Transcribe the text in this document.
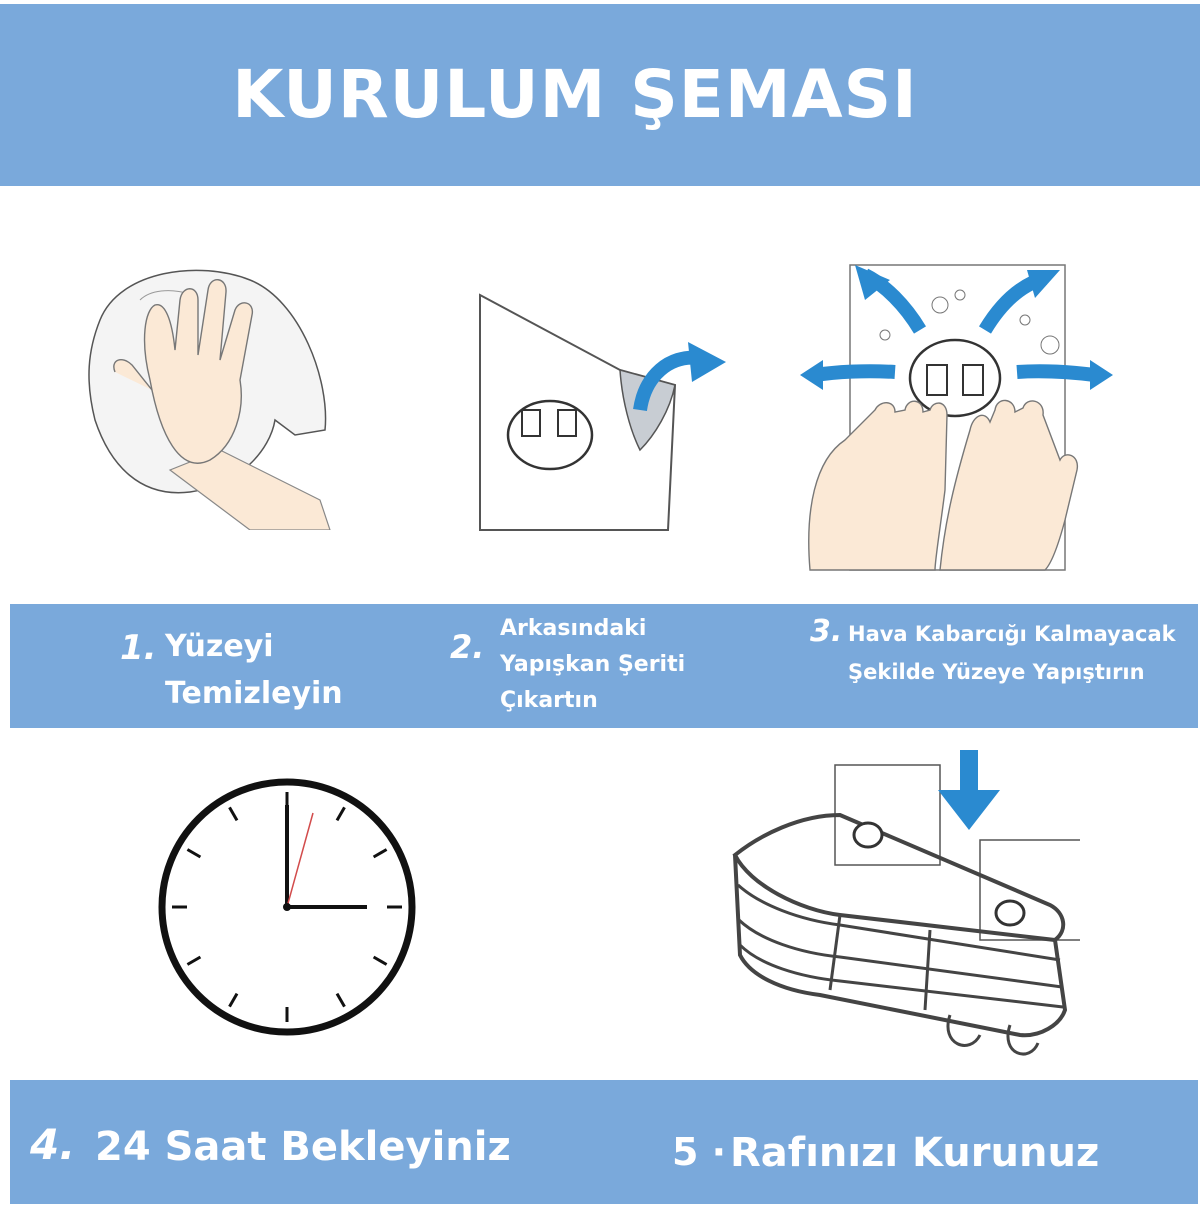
KURULUM ŞEMASI
1. Yüzeyi
Temizleyin
2. Arkasındaki
Yapışkan Şeriti
Çıkartın
3. Hava Kabarcığı Kalmayacak
Şekilde Yüzeye Yapıştırın
4. 24 Saat Bekleyiniz	5 · Rafınızı Kurunuz
